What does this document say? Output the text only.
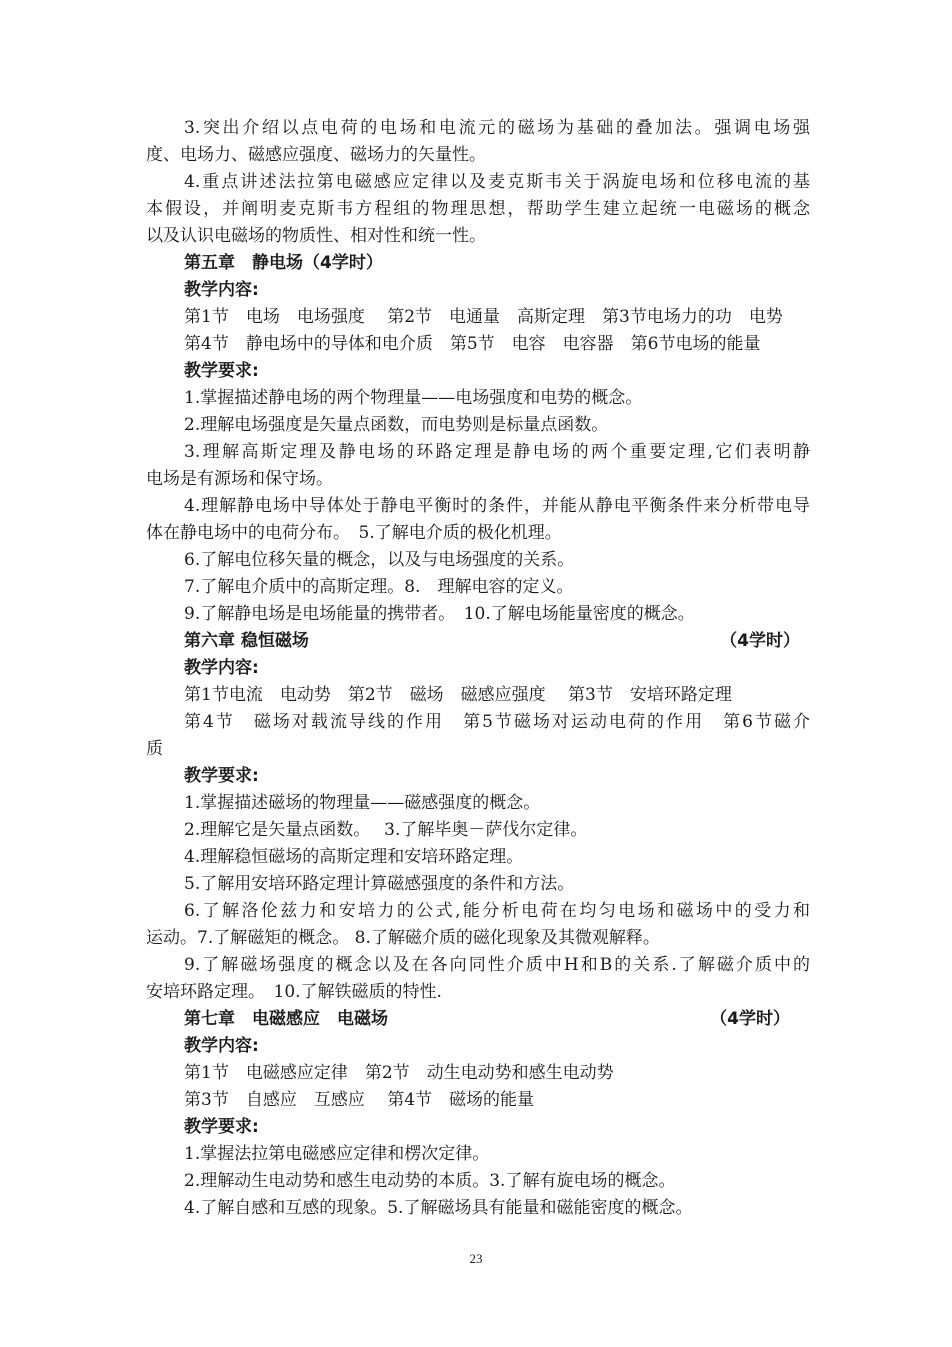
3.突出介绍以点电荷的电场和电流元的磁场为基础的叠加法。强调电场强
度、电场力、磁感应强度、磁场力的矢量性。
4.重点讲述法拉第电磁感应定律以及麦克斯韦关于涡旋电场和位移电流的基
本假设，并阐明麦克斯韦方程组的物理思想，帮助学生建立起统一电磁场的概念
以及认识电磁场的物质性、相对性和统一性。
第五章　静电场（4学时）
教学内容:
第1节　电场　电场强度　 第2节　电通量　高斯定理　第3节电场力的功　电势
第4节　静电场中的导体和电介质　第5节　电容　电容器　第6节电场的能量
教学要求:
1.掌握描述静电场的两个物理量——电场强度和电势的概念。
2.理解电场强度是矢量点函数，而电势则是标量点函数。
3.理解高斯定理及静电场的环路定理是静电场的两个重要定理,它们表明静
电场是有源场和保守场。
4.理解静电场中导体处于静电平衡时的条件，并能从静电平衡条件来分析带电导
体在静电场中的电荷分布。　5.了解电介质的极化机理。
6.了解电位移矢量的概念，以及与电场强度的关系。
7.了解电介质中的高斯定理。8.　理解电容的定义。
9.了解静电场是电场能量的携带者。　10.了解电场能量密度的概念。
第六章 稳恒磁场	（4学时）
教学内容:
第1节电流　电动势　第2节　磁场　磁感应强度　 第3节　安培环路定理
第4节　磁场对载流导线的作用　第5节磁场对运动电荷的作用　第6节磁介
质
教学要求:
1.掌握描述磁场的物理量——磁感强度的概念。
2.理解它是矢量点函数。　 3.了解毕奥－萨伐尔定律。
4.理解稳恒磁场的高斯定理和安培环路定理。
5.了解用安培环路定理计算磁感强度的条件和方法。
6.了解洛伦兹力和安培力的公式,能分析电荷在均匀电场和磁场中的受力和
运动。7.了解磁矩的概念。 8.了解磁介质的磁化现象及其微观解释。
9.了解磁场强度的概念以及在各向同性介质中H和B的关系.了解磁介质中的
安培环路定理。　10.了解铁磁质的特性.
第七章　电磁感应　电磁场	（4学时）
教学内容:
第1节　电磁感应定律　第2节　动生电动势和感生电动势
第3节　自感应　互感应　 第4节　磁场的能量
教学要求:
1.掌握法拉第电磁感应定律和楞次定律。
2.理解动生电动势和感生电动势的本质。3.了解有旋电场的概念。
4.了解自感和互感的现象。5.了解磁场具有能量和磁能密度的概念。
23
